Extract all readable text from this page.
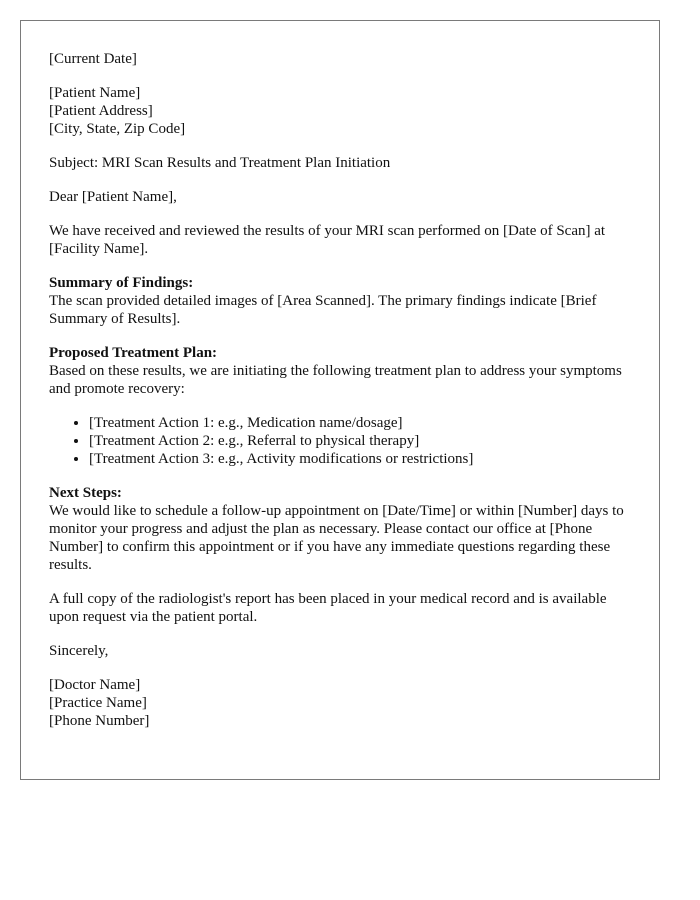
[Current Date]

[Patient Name]

[Patient Address]

[City, State, Zip Code]

Subject: MRI Scan Results and Treatment Plan Initiation

Dear [Patient Name],

We have received and reviewed the results of your MRI scan performed on [Date of Scan] at [Facility Name].

Summary of Findings:
The scan provided detailed images of [Area Scanned]. The primary findings indicate [Brief Summary of Results].
Proposed Treatment Plan:
Based on these results, we are initiating the following treatment plan to address your symptoms and promote recovery:
• [Treatment Action 1: e.g., Medication name/dosage]
• [Treatment Action 2: e.g., Referral to physical therapy]
• [Treatment Action 3: e.g., Activity modifications or restrictions]
Next Steps:
We would like to schedule a follow-up appointment on [Date/Time] or within [Number] days to monitor your progress and adjust the plan as necessary. Please contact our office at [Phone Number] to confirm this appointment or if you have any immediate questions regarding these results.

A full copy of the radiologist's report has been placed in your medical record and is available upon request via the patient portal.

Sincerely,

[Doctor Name]

[Practice Name]

[Phone Number]
